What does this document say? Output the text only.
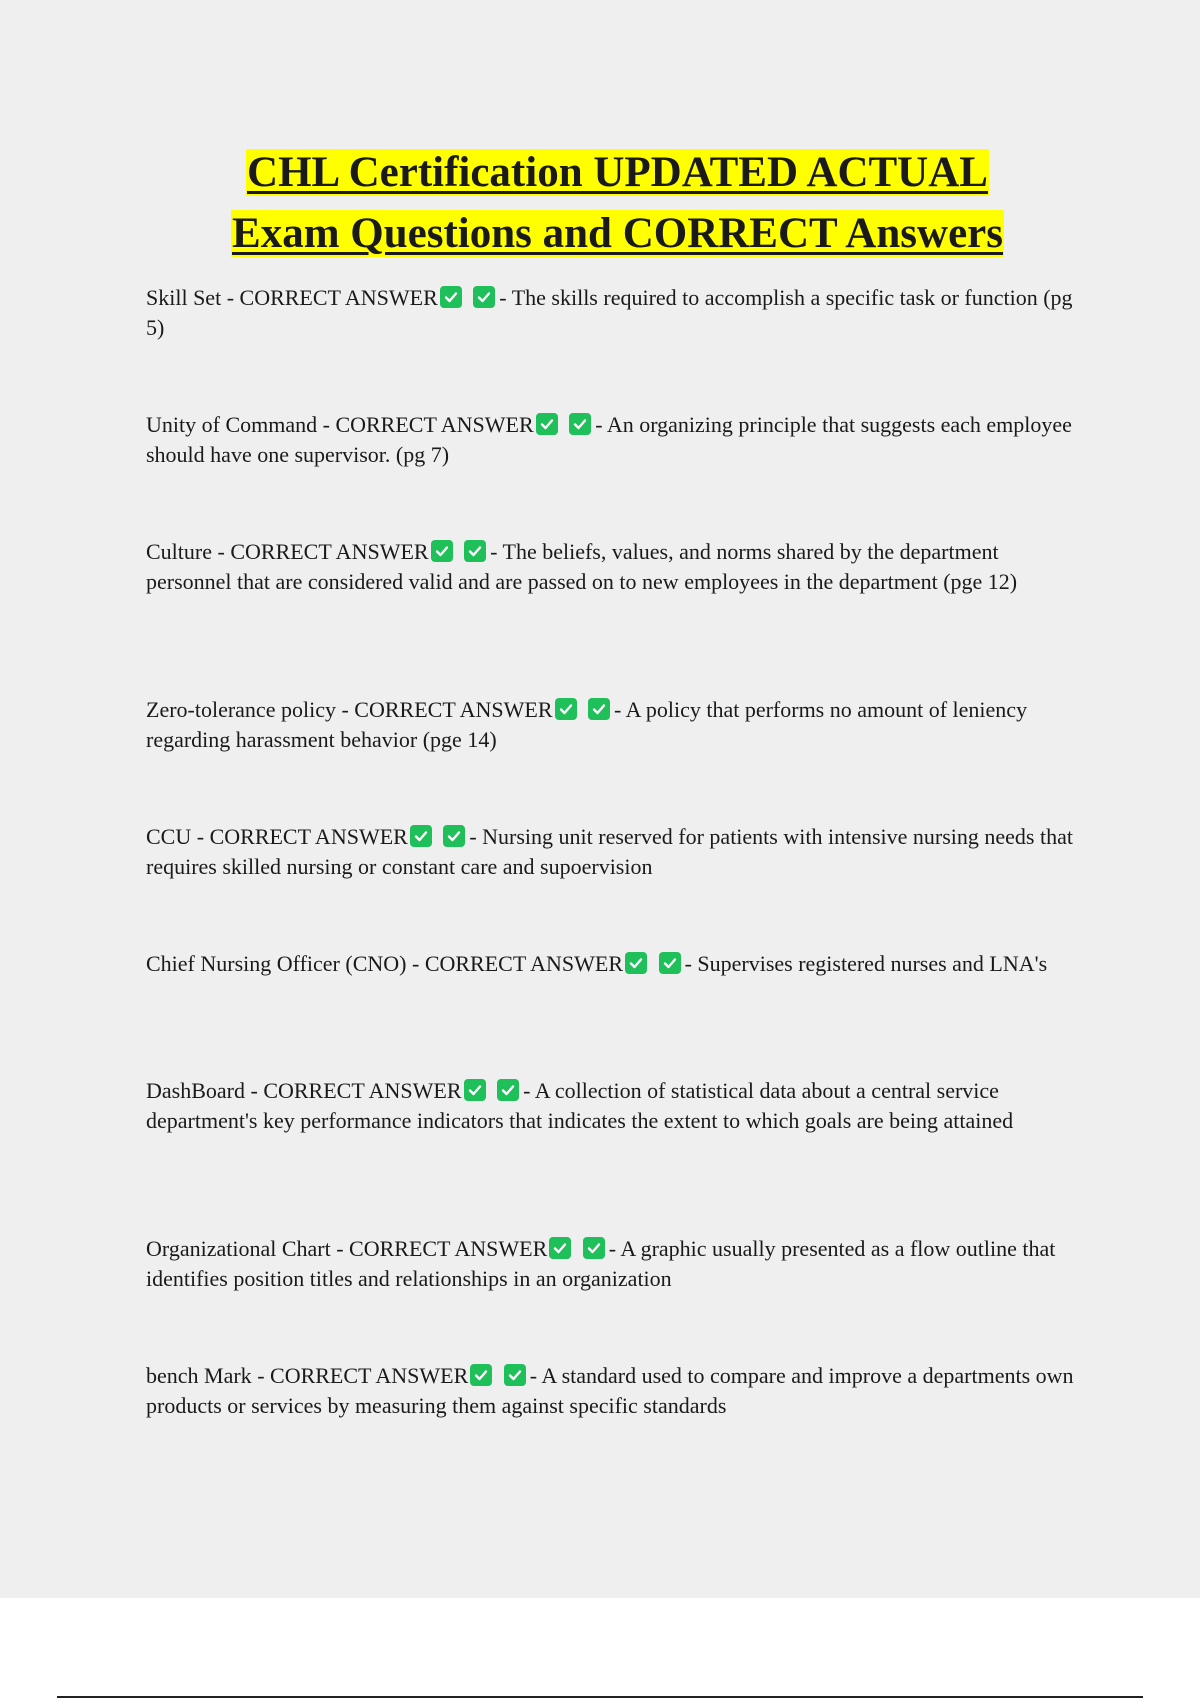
CHL Certification UPDATED ACTUAL
Exam Questions and CORRECT Answers

Skill Set - CORRECT ANSWER
	- The skills required to accomplish a specific task or function (pg 5)

Unity of Command - CORRECT ANSWER
	- An organizing principle that suggests each employee should have one supervisor. (pg 7)

Culture - CORRECT ANSWER
	- The beliefs, values, and norms shared by the department personnel that are considered valid and are passed on to new employees in the department (pge 12)

Zero-tolerance policy - CORRECT ANSWER
	- A policy that performs no amount of leniency regarding harassment behavior (pge 14)

CCU - CORRECT ANSWER
	- Nursing unit reserved for patients with intensive nursing needs that requires skilled nursing or constant care and supoervision

Chief Nursing Officer (CNO) - CORRECT ANSWER
	- Supervises registered nurses and LNA's

DashBoard - CORRECT ANSWER
	- A collection of statistical data about a central service department's key performance indicators that indicates the extent to which goals are being attained

Organizational Chart - CORRECT ANSWER
	- A graphic usually presented as a flow outline that identifies position titles and relationships in an organization

bench Mark - CORRECT ANSWER
	- A standard used to compare and improve a departments own products or services by measuring them against specific standards
